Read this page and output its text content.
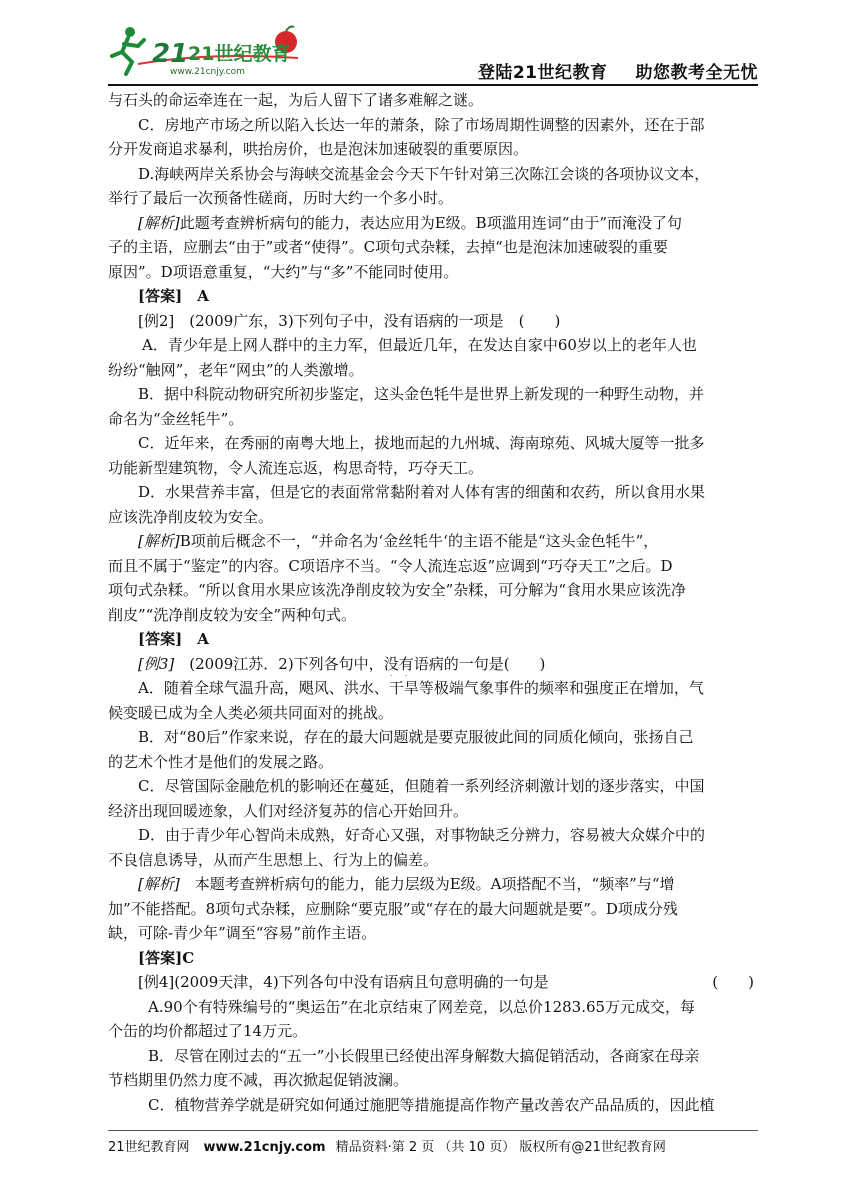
21 21世纪教育
www.21cnjy.com	登陆21世纪教育 助您教考全无忧
与石头的命运牵连在一起，为后人留下了诸多难解之谜。
C．房地产市场之所以陷入长达一年的萧条，除了市场周期性调整的因素外，还在于部
分开发商追求暴利，哄抬房价，也是泡沫加速破裂的重要原因。
D.海峡两岸关系协会与海峡交流基金会今天下午针对第三次陈江会谈的各项协议文本，
举行了最后一次预备性磋商，历时大约一个多小时。
[解析]此题考查辨析病句的能力，表达应用为E级。B项滥用连词“由于”而淹没了句
子的主语，应删去“由于”或者“使得”。C项句式杂糅，去掉“也是泡沫加速破裂的重要
原因”。D项语意重复，“大约”与“多”不能同时使用。
[答案]　A
[例2]　(2009广东，3)下列句子中，没有语病的一项是　(　　)
A．青少年是上网人群中的主力军，但最近几年，在发达自家中60岁以上的老年人也
纷纷“触网”，老年“网虫”的人类激增。
B．据中科院动物研究所初步鉴定，这头金色牦牛是世界上新发现的一种野生动物，并
命名为“金丝牦牛”。
C．近年来，在秀丽的南粤大地上，拔地而起的九州城、海南琼苑、风城大厦等一批多
功能新型建筑物，令人流连忘返，构思奇特，巧夺天工。
D．水果营养丰富，但是它的表面常常黏附着对人体有害的细菌和农药，所以食用水果
应该洗净削皮较为安全。
[解析]B项前后概念不一，“并命名为‘金丝牦牛‘的主语不能是“这头金色牦牛”，
而且不属于“鉴定”的内容。C项语序不当。“令人流连忘返”应调到“巧夺天工”之后。D
项句式杂糅。“所以食用水果应该洗净削皮较为安全”杂糅，可分解为“食用水果应该洗净
削皮”“洗净削皮较为安全”两种句式。
[答案]　A
[例3]　(2009江苏．2)下列各句中，没有语病的一句是(　　)
A．随着全球气温升高，飓风、洪水、干旱等极端气象事件的频率和强度正在增加，气
候变暖已成为全人类必须共同面对的挑战。
B．对“80后”作家来说，存在的最大问题就是要克服彼此间的同质化倾向，张扬自己
的艺术个性才是他们的发展之路。
C．尽管国际金融危机的影响还在蔓延，但随着一系列经济刺激计划的逐步落实，中国
经济出现回暖迹象，人们对经济复苏的信心开始回升。
D．由于青少年心智尚未成熟，好奇心又强，对事物缺乏分辨力，容易被大众媒介中的
不良信息诱导，从而产生思想上、行为上的偏差。
[解析]　本题考查辨析病句的能力，能力层级为E级。A项搭配不当，“频率”与“增
加”不能搭配。8项句式杂糅，应删除“要克服”或“存在的最大问题就是要”。D项成分残
缺，可除-青少年”调至“容易”前作主语。
[答案]C
[例4](2009天津，4)下列各句中没有语病且句意明确的一句是	(　　)
A.90个有特殊编号的“奥运缶”在北京结束了网差竞，以总价1283.65万元成交，每
个缶的均价都超过了14万元。
B．尽管在刚过去的“五一”小长假里已经使出浑身解数大搞促销活动，各商家在母亲
节档期里仍然力度不减，再次掀起促销波澜。
C．植物营养学就是研究如何通过施肥等措施提高作物产量改善农产品品质的，因此植
21世纪教育网 www.21cnjy.com 精品资料·第 2 页 （共 10 页） 版权所有@21世纪教育网
